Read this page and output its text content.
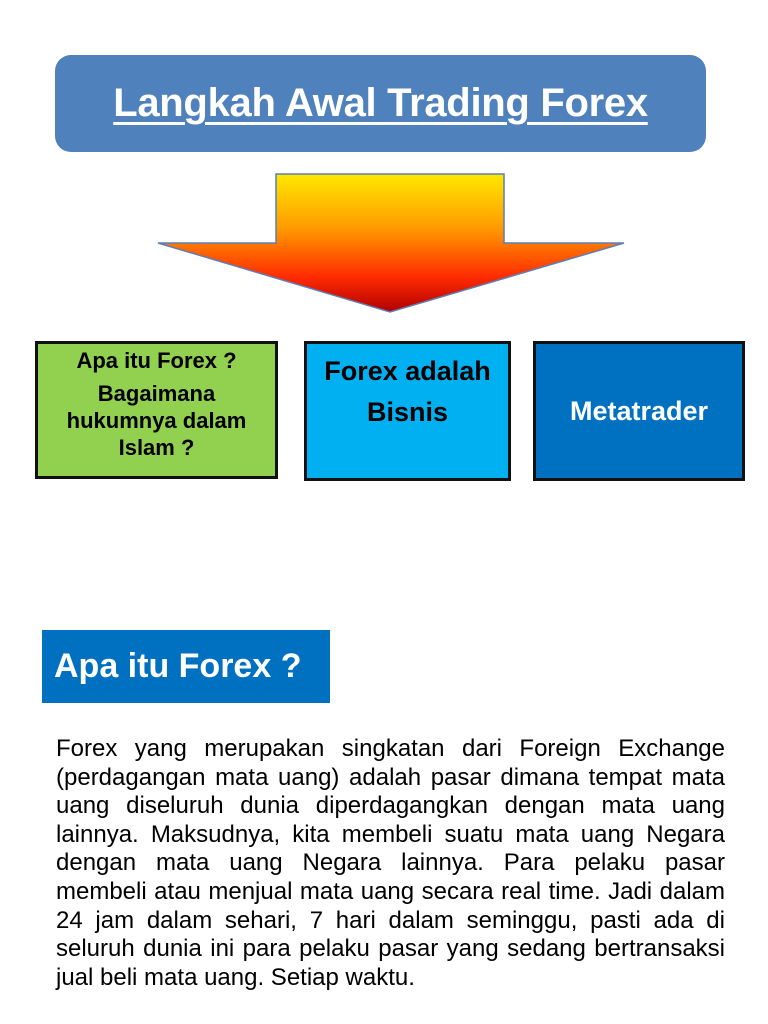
Langkah Awal Trading Forex
Apa itu Forex ?
Bagaimana hukumnya dalam Islam ?
Forex adalah Bisnis	Metatrader
Apa itu Forex ?

Forex yang merupakan singkatan dari Foreign Exchange (perdagangan mata uang) adalah pasar dimana tempat mata uang diseluruh dunia diperdagangkan dengan mata uang lainnya. Maksudnya, kita membeli suatu mata uang Negara dengan mata uang Negara lainnya. Para pelaku pasar membeli atau menjual mata uang secara real time. Jadi dalam 24 jam dalam sehari, 7 hari dalam seminggu, pasti ada di seluruh dunia ini para pelaku pasar yang sedang bertransaksi jual beli mata uang. Setiap waktu.
